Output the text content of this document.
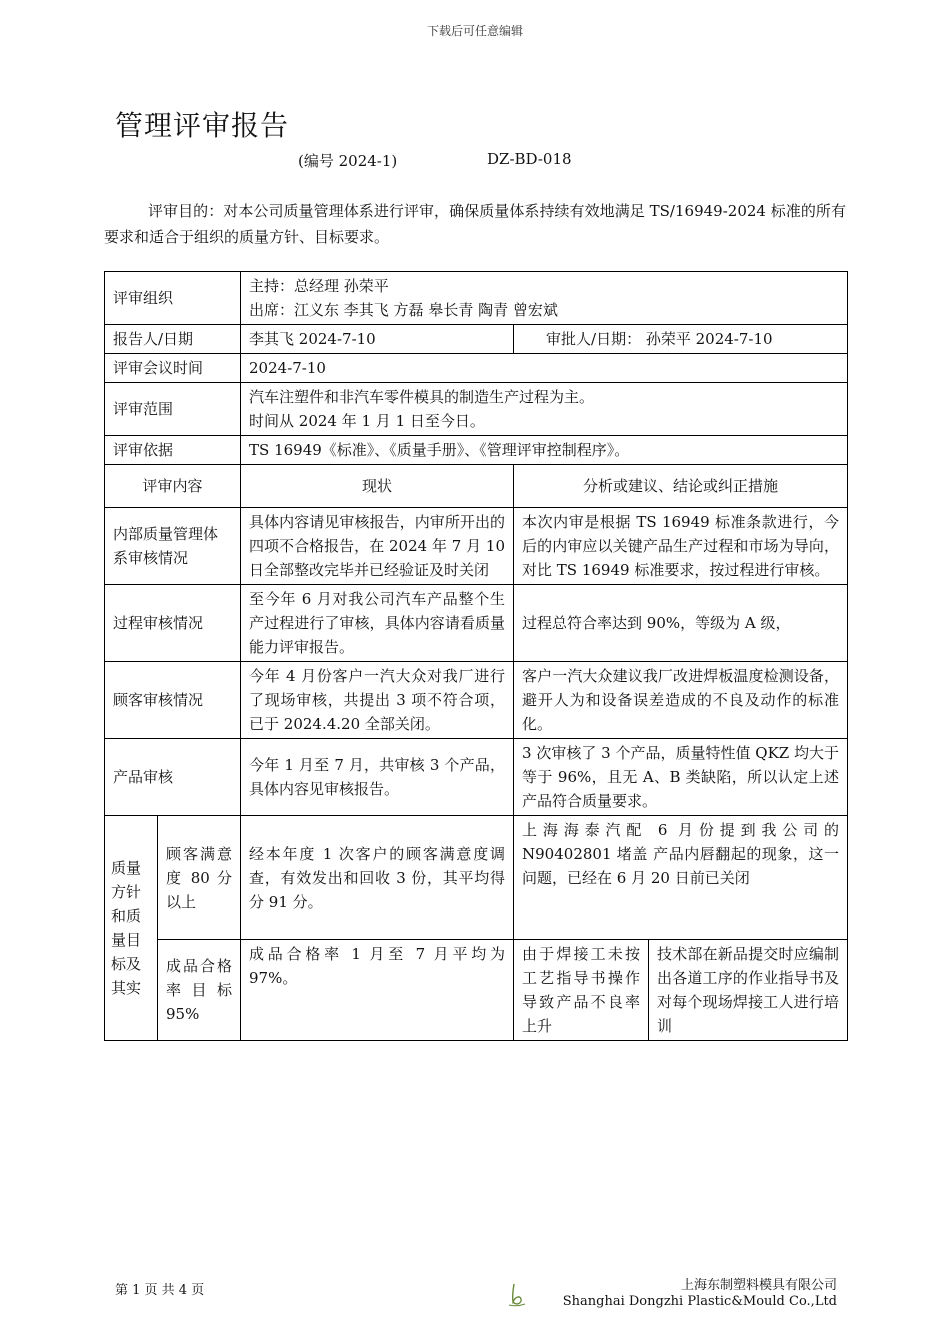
下载后可任意编辑
管理评审报告
(编号 2024-1)	DZ-BD-018
评审目的：对本公司质量管理体系进行评审，确保质量体系持续有效地满足 TS/16949-2024 标准的所有要求和适合于组织的质量方针、目标要求。
评审组织		主持：总经理 孙荣平
出席：江义东 李其飞 方磊 皋长青 陶青 曾宏斌		

报告人/日期		李其飞 2024-7-10	审批人/日期： 孙荣平 2024-7-10	
评审会议时间		2024-7-10		
评审范围		汽车注塑件和非汽车零件模具的制造生产过程为主。
时间从 2024 年 1 月 1 日至今日。		

评审依据		TS 16949《标准》、《质量手册》、《管理评审控制程序》。		
评审内容		现状	分析或建议、结论或纠正措施	
内部质量管理体系审核情况		具体内容请见审核报告，内审所开出的四项不合格报告，在 2024 年 7 月 10 日全部整改完毕并已经验证及时关闭	本次内审是根据 TS 16949 标准条款进行，今后的内审应以关键产品生产过程和市场为导向，对比 TS 16949 标准要求，按过程进行审核。	
过程审核情况		至今年 6 月对我公司汽车产品整个生产过程进行了审核，具体内容请看质量能力评审报告。	过程总符合率达到 90%，等级为 A 级，	
顾客审核情况		今年 4 月份客户一汽大众对我厂进行了现场审核，共提出 3 项不符合项，已于 2024.4.20 全部关闭。	客户一汽大众建议我厂改进焊板温度检测设备，避开人为和设备误差造成的不良及动作的标准化。	
产品审核		今年 1 月至 7 月，共审核 3 个产品，具体内容见审核报告。	3 次审核了 3 个产品，质量特性值 QKZ 均大于等于 96%，且无 A、B 类缺陷，所以认定上述产品符合质量要求。	
质量方针和质量目标及其实	顾客满意度 80 分以上	经本年度 1 次客户的顾客满意度调查，有效发出和回收 3 份，其平均得分 91 分。	上海海泰汽配 6 月份提到我公司的 N90402801 堵盖 产品内唇翻起的现象，这一问题，已经在 6 月 20 日前已关闭	
	成品合格率目标 95%	成品合格率 1 月至 7 月平均为 97%。	由于焊接工未按工艺指导书操作导致产品不良率上升	技术部在新品提交时应编制出各道工序的作业指导书及对每个现场焊接工人进行培训
第 1 页 共 4 页	上海东制塑料模具有限公司
Shanghai Dongzhi Plastic&Mould Co.,Ltd
